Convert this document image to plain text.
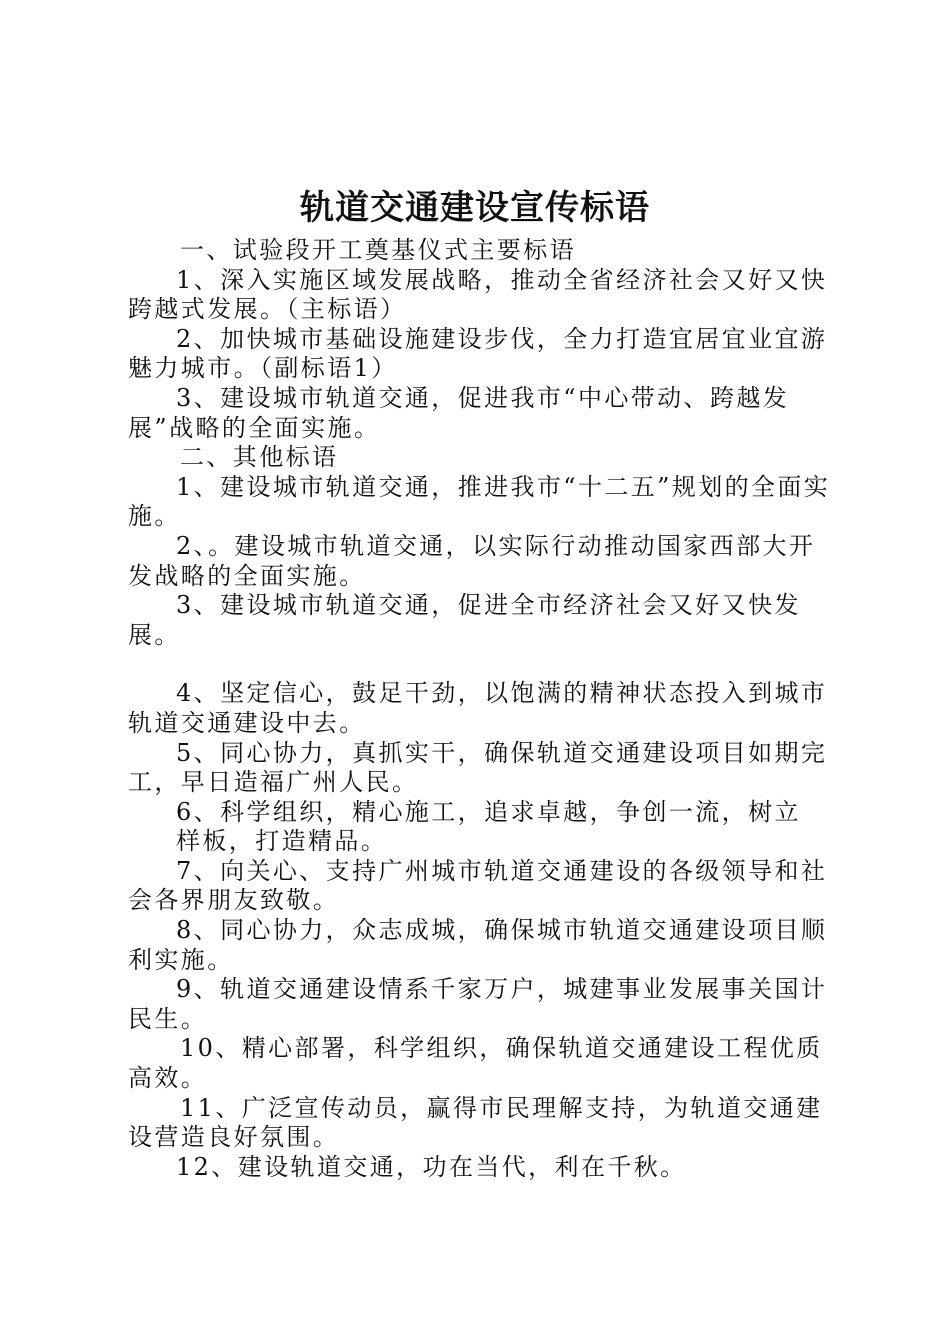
轨道交通建设宣传标语

一、试验段开工奠基仪式主要标语

1、深入实施区域发展战略，推动全省经济社会又好又快跨越式发展。（主标语）

2、加快城市基础设施建设步伐，全力打造宜居宜业宜游魅力城市。（副标语1）

3、建设城市轨道交通，促进我市“中心带动、跨越发展”战略的全面实施。

二、其他标语

1、建设城市轨道交通，推进我市“十二五”规划的全面实施。

2、。建设城市轨道交通，以实际行动推动国家西部大开发战略的全面实施。

3、建设城市轨道交通，促进全市经济社会又好又快发展。

4、坚定信心，鼓足干劲，以饱满的精神状态投入到城市轨道交通建设中去。

5、同心协力，真抓实干，确保轨道交通建设项目如期完工，早日造福广州人民。

6、科学组织，精心施工，追求卓越，争创一流，树立

样板，打造精品。

7、向关心、支持广州城市轨道交通建设的各级领导和社会各界朋友致敬。

8、同心协力，众志成城，确保城市轨道交通建设项目顺利实施。

9、轨道交通建设情系千家万户，城建事业发展事关国计民生。

10、精心部署，科学组织，确保轨道交通建设工程优质高效。

11、广泛宣传动员，赢得市民理解支持，为轨道交通建设营造良好氛围。

12、建设轨道交通，功在当代，利在千秋。
